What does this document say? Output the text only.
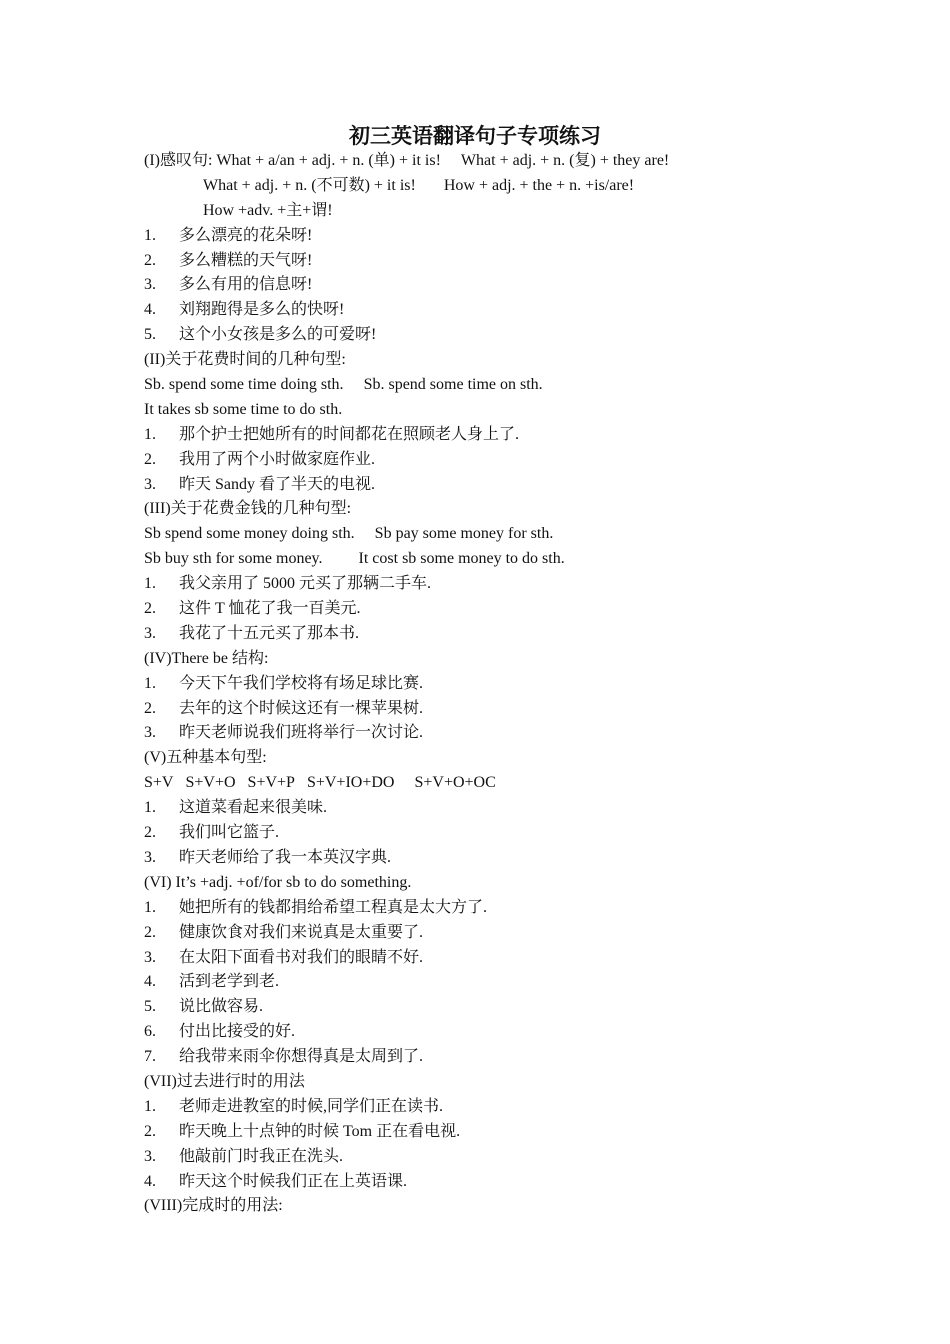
初三英语翻译句子专项练习
(I)感叹句: What + a/an + adj. + n. (单) + it is! What + adj. + n. (复) + they are!
What + adj. + n. (不可数) + it is! How + adj. + the + n. +is/are!
How +adv. +主+谓!
1. 多么漂亮的花朵呀!
2. 多么糟糕的天气呀!
3. 多么有用的信息呀!
4. 刘翔跑得是多么的快呀!
5. 这个小女孩是多么的可爱呀!
(II)关于花费时间的几种句型:
Sb. spend some time doing sth. Sb. spend some time on sth.
It takes sb some time to do sth.
1. 那个护士把她所有的时间都花在照顾老人身上了.
2. 我用了两个小时做家庭作业.
3. 昨天 Sandy 看了半天的电视.
(III)关于花费金钱的几种句型:
Sb spend some money doing sth. Sb pay some money for sth.
Sb buy sth for some money. It cost sb some money to do sth.
1. 我父亲用了 5000 元买了那辆二手车.
2. 这件 T 恤花了我一百美元.
3. 我花了十五元买了那本书.
(IV)There be 结构:
1. 今天下午我们学校将有场足球比赛.
2. 去年的这个时候这还有一棵苹果树.
3. 昨天老师说我们班将举行一次讨论.
(V)五种基本句型:
S+V S+V+O S+V+P S+V+IO+DO S+V+O+OC
1. 这道菜看起来很美味.
2. 我们叫它篮子.
3. 昨天老师给了我一本英汉字典.
(VI) It’s +adj. +of/for sb to do something.
1. 她把所有的钱都捐给希望工程真是太大方了.
2. 健康饮食对我们来说真是太重要了.
3. 在太阳下面看书对我们的眼睛不好.
4. 活到老学到老.
5. 说比做容易.
6. 付出比接受的好.
7. 给我带来雨伞你想得真是太周到了.
(VII)过去进行时的用法
1. 老师走进教室的时候,同学们正在读书.
2. 昨天晚上十点钟的时候 Tom 正在看电视.
3. 他敲前门时我正在洗头.
4. 昨天这个时候我们正在上英语课.
(VIII)完成时的用法:
